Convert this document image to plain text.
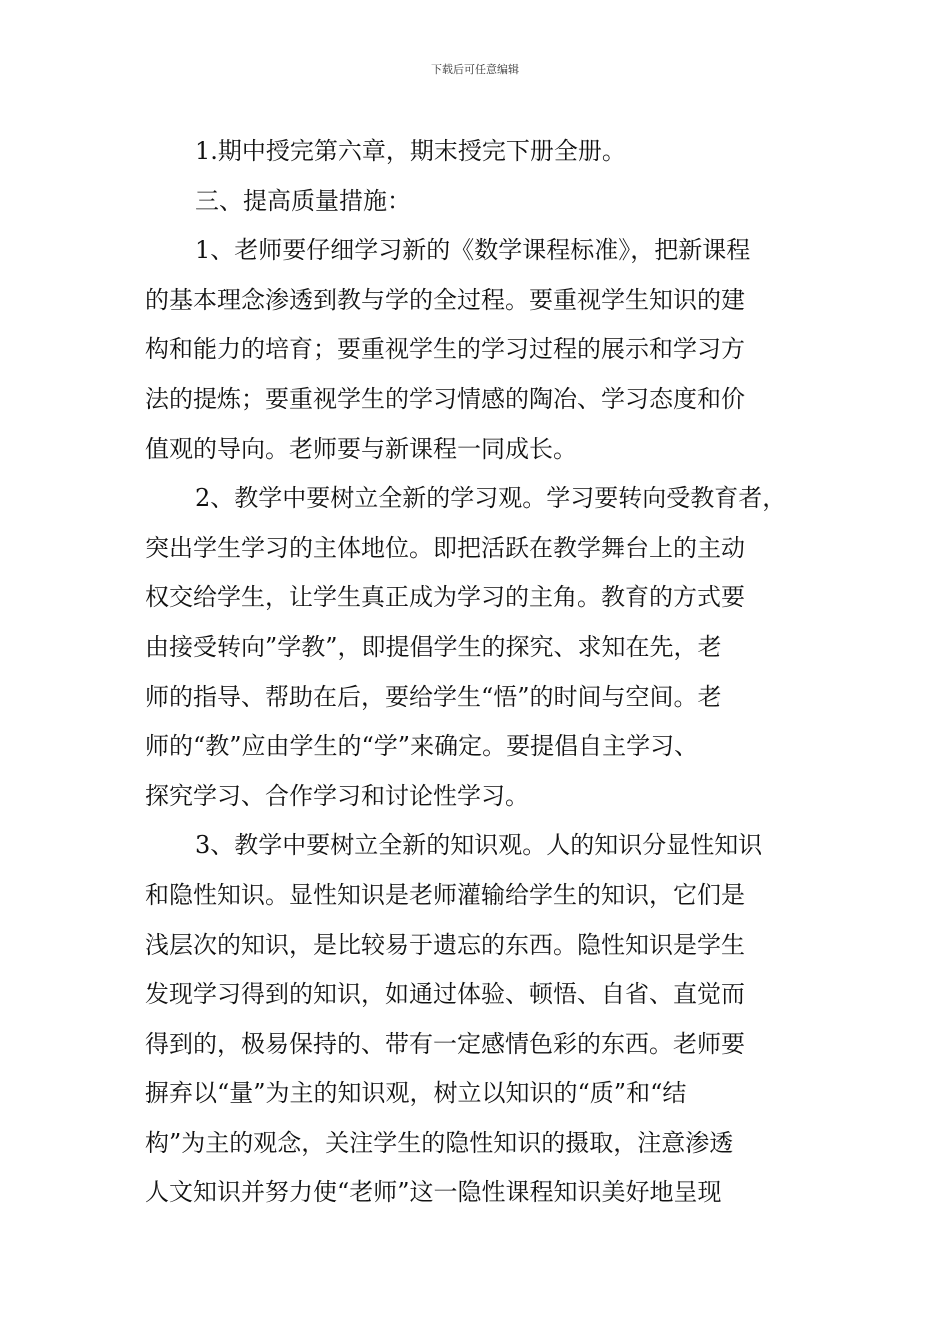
下载后可任意编辑
1.期中授完第六章，期末授完下册全册。
三、提高质量措施：
1、老师要仔细学习新的《数学课程标准》，把新课程
的基本理念渗透到教与学的全过程。要重视学生知识的建
构和能力的培育；要重视学生的学习过程的展示和学习方
法的提炼；要重视学生的学习情感的陶冶、学习态度和价
值观的导向。老师要与新课程一同成长。
2、教学中要树立全新的学习观。学习要转向受教育者，
突出学生学习的主体地位。即把活跃在教学舞台上的主动
权交给学生，让学生真正成为学习的主角。教育的方式要
由接受转向”学教”，即提倡学生的探究、求知在先，老
师的指导、帮助在后，要给学生“悟”的时间与空间。老
师的“教”应由学生的“学”来确定。要提倡自主学习、
探究学习、合作学习和讨论性学习。
3、教学中要树立全新的知识观。人的知识分显性知识
和隐性知识。显性知识是老师灌输给学生的知识，它们是
浅层次的知识，是比较易于遗忘的东西。隐性知识是学生
发现学习得到的知识，如通过体验、顿悟、自省、直觉而
得到的，极易保持的、带有一定感情色彩的东西。老师要
摒弃以“量”为主的知识观，树立以知识的“质”和“结
构”为主的观念，关注学生的隐性知识的摄取，注意渗透
人文知识并努力使“老师”这一隐性课程知识美好地呈现
